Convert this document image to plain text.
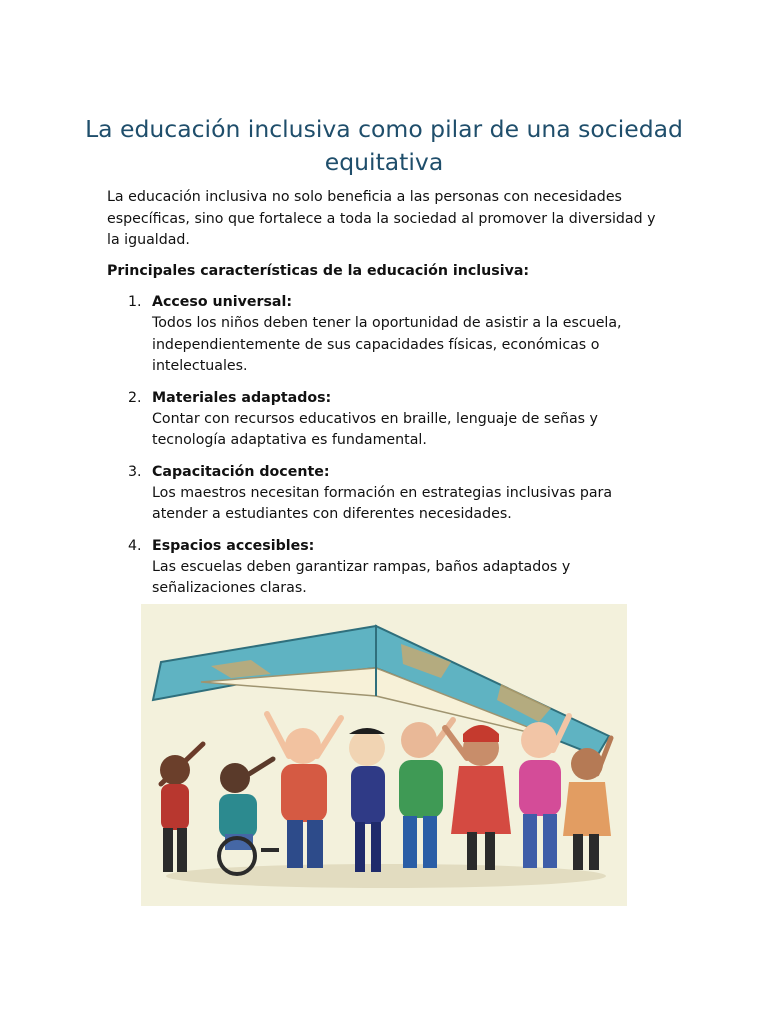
La educación inclusiva como pilar de una sociedad equitativa

La educación inclusiva no solo beneficia a las personas con necesidades específicas, sino que fortalece a toda la sociedad al promover la diversidad y la igualdad.

Principales características de la educación inclusiva:

1. Acceso universal:
Todos los niños deben tener la oportunidad de asistir a la escuela, independientemente de sus capacidades físicas, económicas o intelectuales.
2. Materiales adaptados:
Contar con recursos educativos en braille, lenguaje de señas y tecnología adaptativa es fundamental.
3. Capacitación docente:
Los maestros necesitan formación en estrategias inclusivas para atender a estudiantes con diferentes necesidades.
4. Espacios accesibles:
Las escuelas deben garantizar rampas, baños adaptados y señalizaciones claras.
